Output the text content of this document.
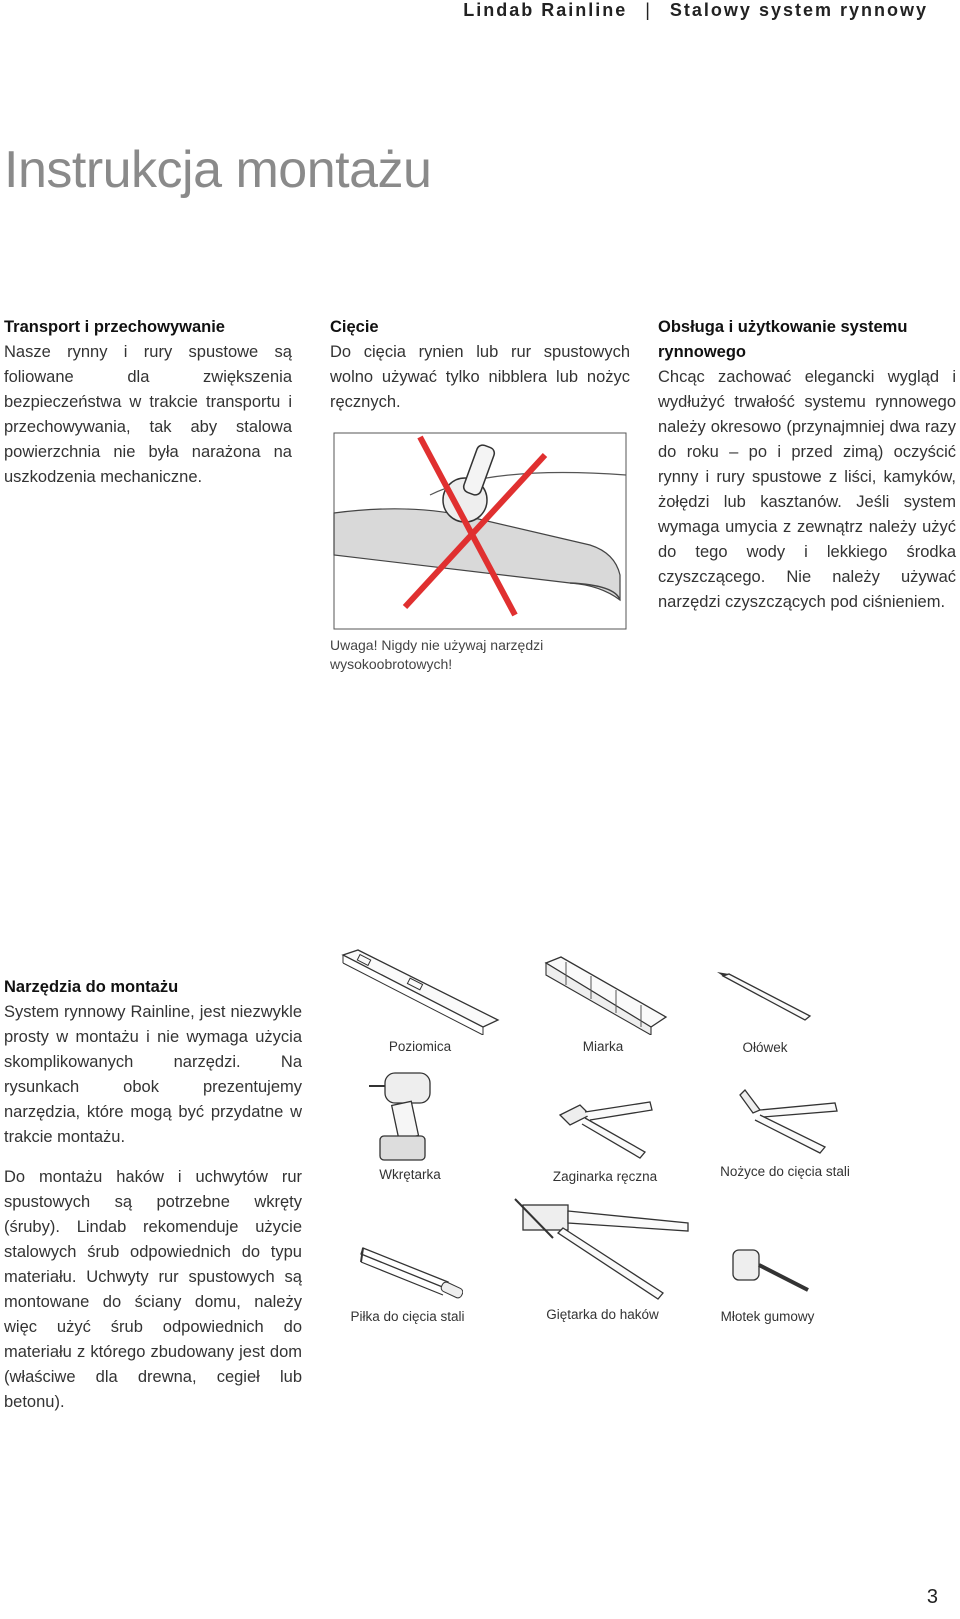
Lindab Rainline | Stalowy system rynnowy
Instrukcja montażu
Transport i przechowywanie

Nasze rynny i rury spustowe są foliowane dla zwiększenia bezpieczeństwa w trakcie transportu i przechowywania, tak aby stalowa powierzchnia nie była narażona na uszkodzenia mechaniczne.

Cięcie

Do cięcia rynien lub rur spustowych wolno używać tylko nibblera lub nożyc ręcznych.

Uwaga! Nigdy nie używaj narzędzi wysokoobrotowych!
Obsługa i użytkowanie systemu rynnowego

Chcąc zachować elegancki wygląd i wydłużyć trwałość systemu rynnowego należy okresowo (przynajmniej dwa razy do roku – po i przed zimą) oczyścić rynny i rury spustowe z liści, kamyków, żołędzi lub kasztanów. Jeśli system wymaga umycia z zewnątrz należy użyć do tego wody i lekkiego środka czyszczącego. Nie należy używać narzędzi czyszczących pod ciśnieniem.

Narzędzia do montażu

System rynnowy Rainline, jest niezwykle prosty w montażu i nie wymaga użycia skomplikowanych narzędzi. Na rysunkach obok prezentujemy narzędzia, które mogą być przydatne w trakcie montażu.

Do montażu haków i uchwytów rur spustowych są potrzebne wkręty (śruby). Lindab rekomenduje użycie stalowych śrub odpowiednich do typu materiału. Uchwyty rur spustowych są montowane do ściany domu, należy więc użyć śrub odpowiednich do materiału z którego zbudowany jest dom (właściwe dla drewna, cegieł lub betonu).

Poziomica	Miarka	Ołówek
Wkrętarka	Zaginarka ręczna	Nożyce do cięcia stali
Piłka do cięcia stali	Giętarka do haków	Młotek gumowy
3
